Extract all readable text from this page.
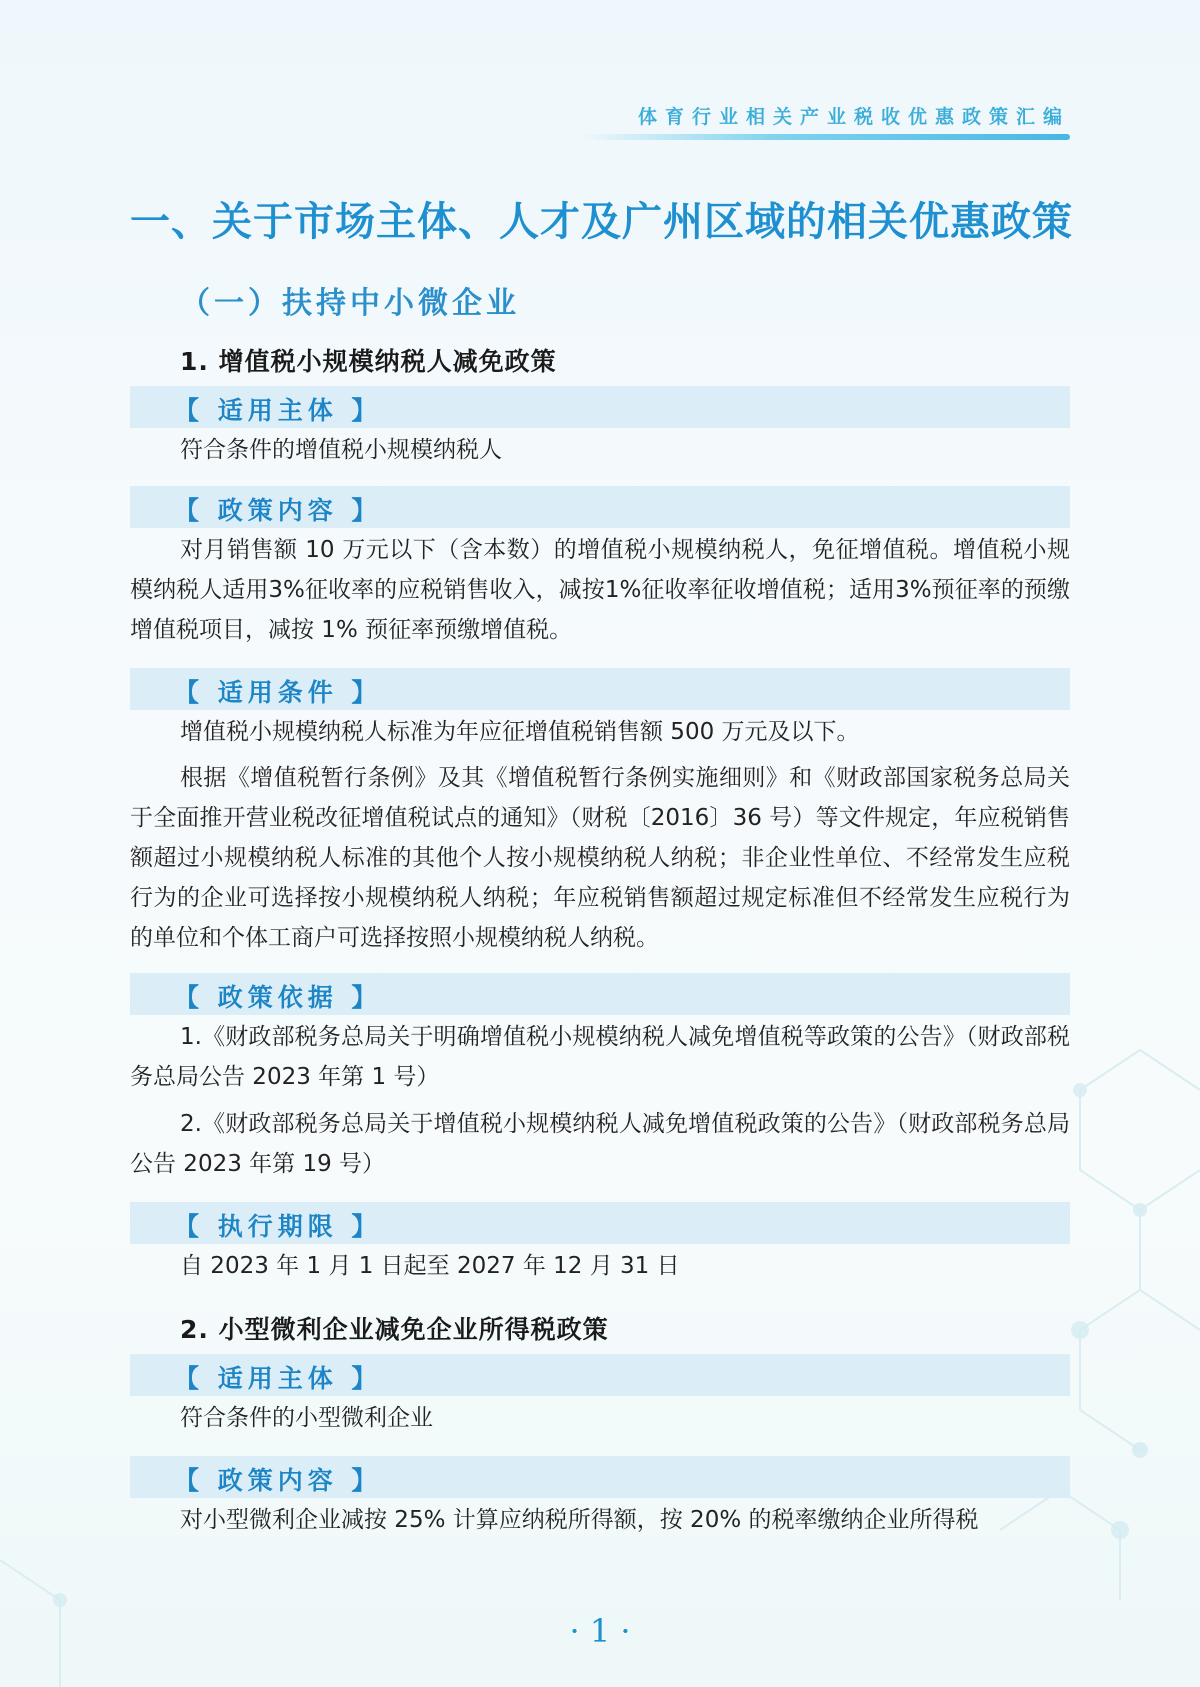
体育行业相关产业税收优惠政策汇编
一、关于市场主体、人才及广州区域的相关优惠政策
（一）扶持中小微企业
1. 增值税小规模纳税人减免政策
【 适用主体 】
符合条件的增值税小规模纳税人
【 政策内容 】
对月销售额 10 万元以下（含本数）的增值税小规模纳税人，免征增值税。增值税小规模纳税人适用3%征收率的应税销售收入，减按1%征收率征收增值税；适用3%预征率的预缴增值税项目，减按 1% 预征率预缴增值税。
【 适用条件 】
增值税小规模纳税人标准为年应征增值税销售额 500 万元及以下。
根据《增值税暂行条例》及其《增值税暂行条例实施细则》和《财政部国家税务总局关于全面推开营业税改征增值税试点的通知》（财税〔2016〕36 号）等文件规定，年应税销售额超过小规模纳税人标准的其他个人按小规模纳税人纳税；非企业性单位、不经常发生应税行为的企业可选择按小规模纳税人纳税；年应税销售额超过规定标准但不经常发生应税行为的单位和个体工商户可选择按照小规模纳税人纳税。
【 政策依据 】
1.《财政部税务总局关于明确增值税小规模纳税人减免增值税等政策的公告》（财政部税务总局公告 2023 年第 1 号）
2.《财政部税务总局关于增值税小规模纳税人减免增值税政策的公告》（财政部税务总局公告 2023 年第 19 号）
【 执行期限 】
自 2023 年 1 月 1 日起至 2027 年 12 月 31 日
2. 小型微利企业减免企业所得税政策
【 适用主体 】
符合条件的小型微利企业
【 政策内容 】
对小型微利企业减按 25% 计算应纳税所得额，按 20% 的税率缴纳企业所得税
· 1 ·
